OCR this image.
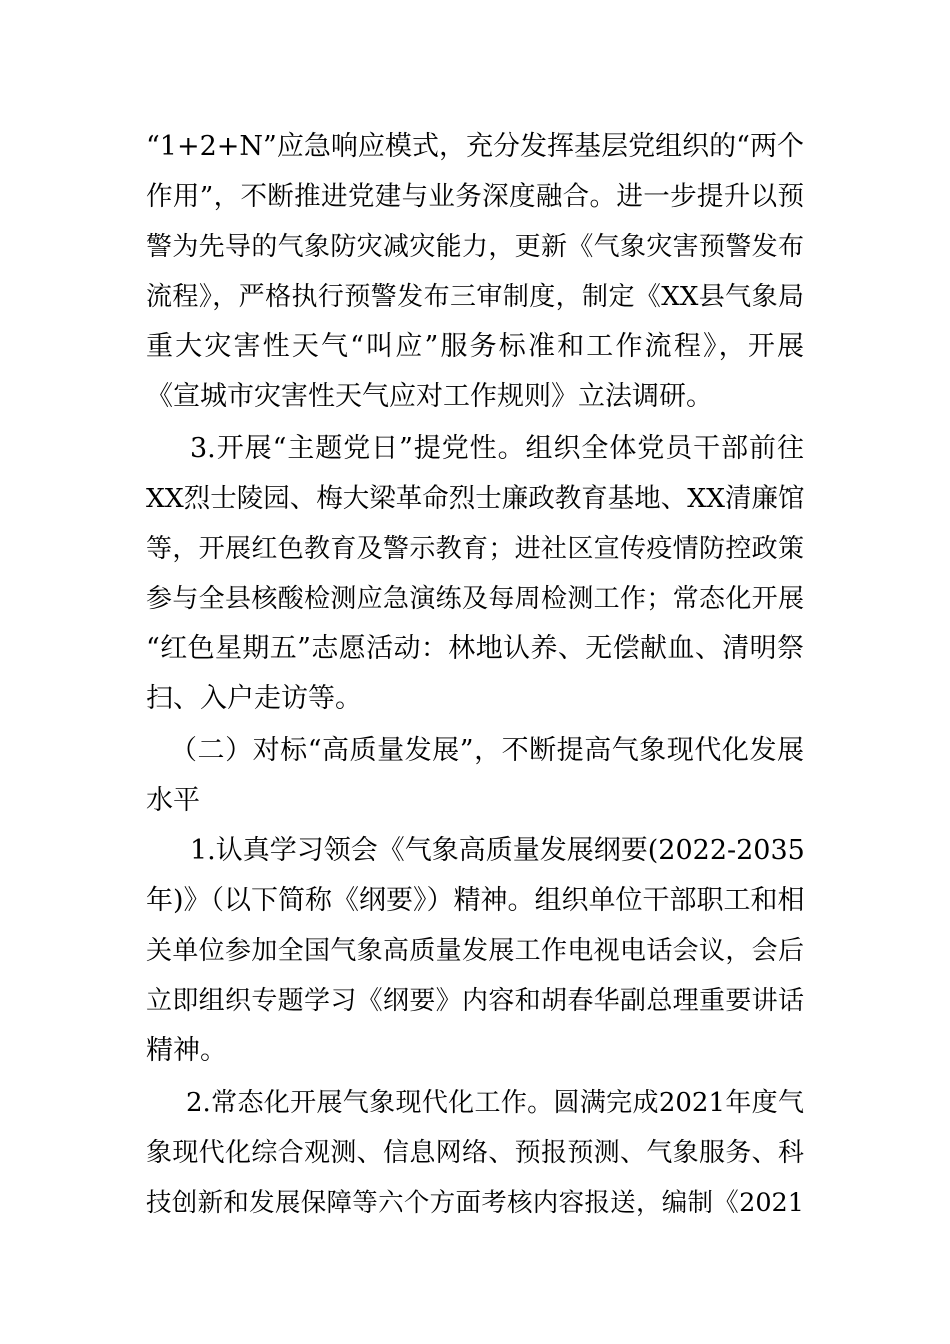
“1+2+N”应急响应模式，充分发挥基层党组织的“两个
作用”，不断推进党建与业务深度融合。进一步提升以预
警为先导的气象防灾减灾能力，更新《气象灾害预警发布
流程》，严格执行预警发布三审制度，制定《XX县气象局
重大灾害性天气“叫应”服务标准和工作流程》，开展
《宣城市灾害性天气应对工作规则》立法调研。
3.开展“主题党日”提党性。组织全体党员干部前往
XX烈士陵园、梅大梁革命烈士廉政教育基地、XX清廉馆
等，开展红色教育及警示教育；进社区宣传疫情防控政策
参与全县核酸检测应急演练及每周检测工作；常态化开展
“红色星期五”志愿活动：林地认养、无偿献血、清明祭
扫、入户走访等。
（二）对标“高质量发展”，不断提高气象现代化发展
水平
1.认真学习领会《气象高质量发展纲要(2022-2035
年)》（以下简称《纲要》）精神。组织单位干部职工和相
关单位参加全国气象高质量发展工作电视电话会议，会后
立即组织专题学习《纲要》内容和胡春华副总理重要讲话
精神。
2.常态化开展气象现代化工作。圆满完成2021年度气
象现代化综合观测、信息网络、预报预测、气象服务、科
技创新和发展保障等六个方面考核内容报送，编制《2021
